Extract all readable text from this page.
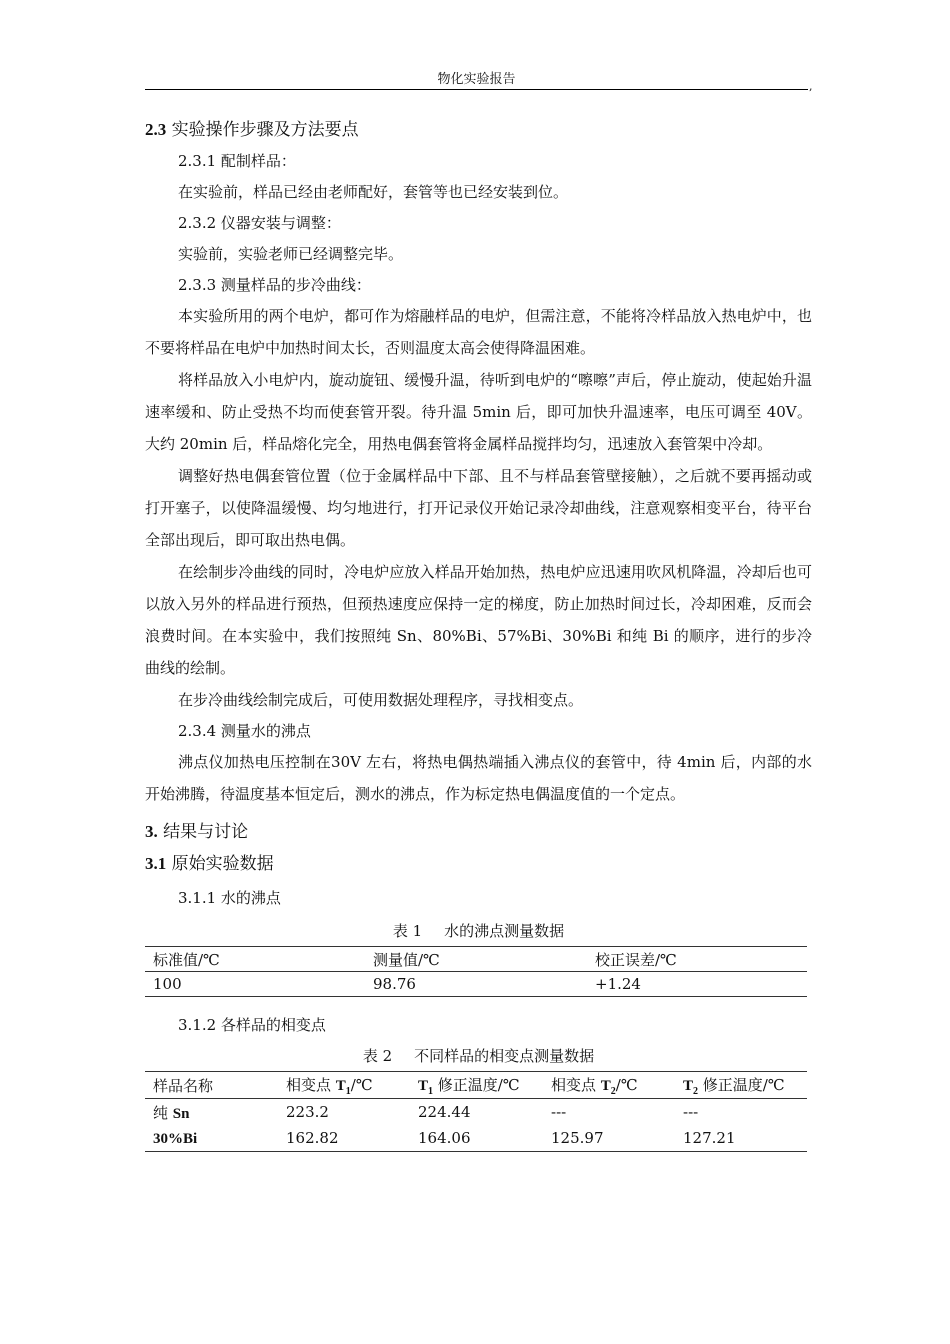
物化实验报告	,
2.3 实验操作步骤及方法要点
2.3.1 配制样品：

在实验前，样品已经由老师配好，套管等也已经安装到位。

2.3.2 仪器安装与调整：

实验前，实验老师已经调整完毕。

2.3.3 测量样品的步冷曲线：

本实验所用的两个电炉，都可作为熔融样品的电炉，但需注意，不能将冷样品放入热电炉中，也不要将样品在电炉中加热时间太长，否则温度太高会使得降温困难。

将样品放入小电炉内，旋动旋钮、缓慢升温，待听到电炉的“嚓嚓”声后，停止旋动，使起始升温速率缓和、防止受热不均而使套管开裂。待升温 5min 后，即可加快升温速率，电压可调至 40V。大约 20min 后，样品熔化完全，用热电偶套管将金属样品搅拌均匀，迅速放入套管架中冷却。

调整好热电偶套管位置（位于金属样品中下部、且不与样品套管壁接触），之后就不要再摇动或打开塞子，以使降温缓慢、均匀地进行，打开记录仪开始记录冷却曲线，注意观察相变平台，待平台全部出现后，即可取出热电偶。

在绘制步冷曲线的同时，冷电炉应放入样品开始加热，热电炉应迅速用吹风机降温，冷却后也可以放入另外的样品进行预热，但预热速度应保持一定的梯度，防止加热时间过长，冷却困难，反而会浪费时间。在本实验中，我们按照纯 Sn、80%Bi、57%Bi、30%Bi 和纯 Bi 的顺序，进行的步冷曲线的绘制。

在步冷曲线绘制完成后，可使用数据处理程序，寻找相变点。

2.3.4 测量水的沸点

沸点仪加热电压控制在30V 左右，将热电偶热端插入沸点仪的套管中，待 4min 后，内部的水开始沸腾，待温度基本恒定后，测水的沸点，作为标定热电偶温度值的一个定点。

3. 结果与讨论
3.1 原始实验数据
3.1.1 水的沸点
表 1 水的沸点测量数据
标准值/℃	测量值/℃	校正误差/℃
100	98.76	+1.24
3.1.2 各样品的相变点
表 2 不同样品的相变点测量数据
样品名称	相变点 $T_1/℃$	$T_1$ 修正温度/℃	相变点 $T_2/℃$	$T_2$ 修正温度/℃
纯 Sn	223.2	224.44	---	---
30%Bi	162.82	164.06	125.97	127.21
